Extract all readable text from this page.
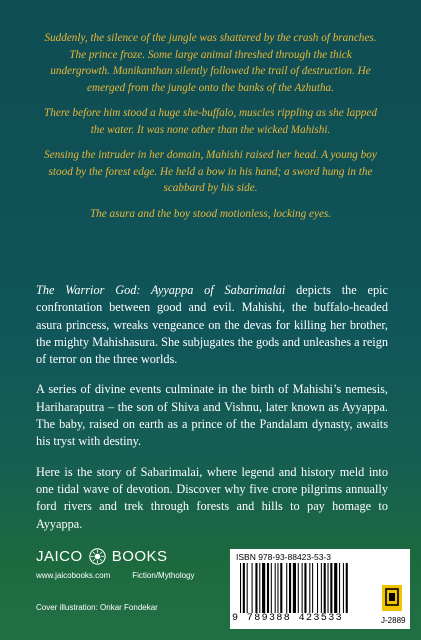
Suddenly, the silence of the jungle was shattered by the crash of branches. The prince froze. Some large animal threshed through the thick undergrowth. Manikanthan silently followed the trail of destruction. He emerged from the jungle onto the banks of the Azhutha.

There before him stood a huge she-buffalo, muscles rippling as she lapped the water. It was none other than the wicked Mahishi.

Sensing the intruder in her domain, Mahishi raised her head. A young boy stood by the forest edge. He held a bow in his hand; a sword hung in the scabbard by his side.

The asura and the boy stood motionless, locking eyes.

The Warrior God: Ayyappa of Sabarimalai depicts the epic confrontation between good and evil. Mahishi, the buffalo-headed asura princess, wreaks vengeance on the devas for killing her brother, the mighty Mahishasura. She subjugates the gods and unleashes a reign of terror on the three worlds.

A series of divine events culminate in the birth of Mahishi’s nemesis, Hariharaputra – the son of Shiva and Vishnu, later known as Ayyappa. The baby, raised on earth as a prince of the Pandalam dynasty, awaits his tryst with destiny.

Here is the story of Sabarimalai, where legend and history meld into one tidal wave of devotion. Discover why five crore pilgrims annually ford rivers and trek through forests and hills to pay homage to Ayyappa.

JAICO BOOKS
www.jaicobooks.com	Fiction/Mythology
Cover illustration: Onkar Fondekar
ISBN 978-93-88423-53-3
9 789388 423533	J-2889
